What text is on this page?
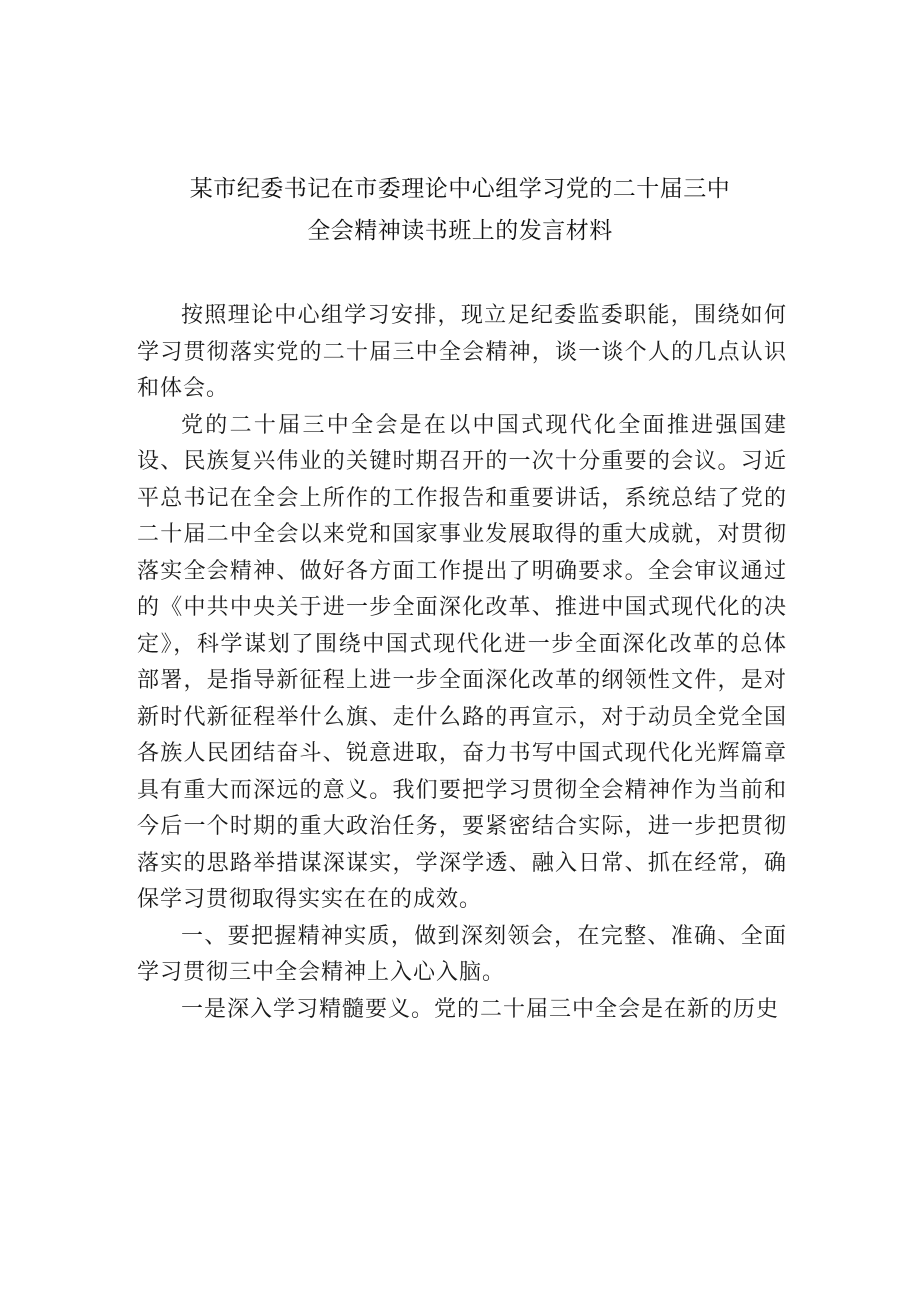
某市纪委书记在市委理论中心组学习党的二十届三中
全会精神读书班上的发言材料

按照理论中心组学习安排，现立足纪委监委职能，围绕如何学习贯彻落实党的二十届三中全会精神，谈一谈个人的几点认识和体会。

党的二十届三中全会是在以中国式现代化全面推进强国建设、民族复兴伟业的关键时期召开的一次十分重要的会议。习近平总书记在全会上所作的工作报告和重要讲话，系统总结了党的二十届二中全会以来党和国家事业发展取得的重大成就，对贯彻落实全会精神、做好各方面工作提出了明确要求。全会审议通过的《中共中央关于进一步全面深化改革、推进中国式现代化的决定》，科学谋划了围绕中国式现代化进一步全面深化改革的总体部署，是指导新征程上进一步全面深化改革的纲领性文件，是对新时代新征程举什么旗、走什么路的再宣示，对于动员全党全国各族人民团结奋斗、锐意进取，奋力书写中国式现代化光辉篇章具有重大而深远的意义。我们要把学习贯彻全会精神作为当前和今后一个时期的重大政治任务，要紧密结合实际，进一步把贯彻落实的思路举措谋深谋实，学深学透、融入日常、抓在经常，确保学习贯彻取得实实在在的成效。

一、要把握精神实质，做到深刻领会，在完整、准确、全面学习贯彻三中全会精神上入心入脑。

一是深入学习精髓要义。党的二十届三中全会是在新的历史
